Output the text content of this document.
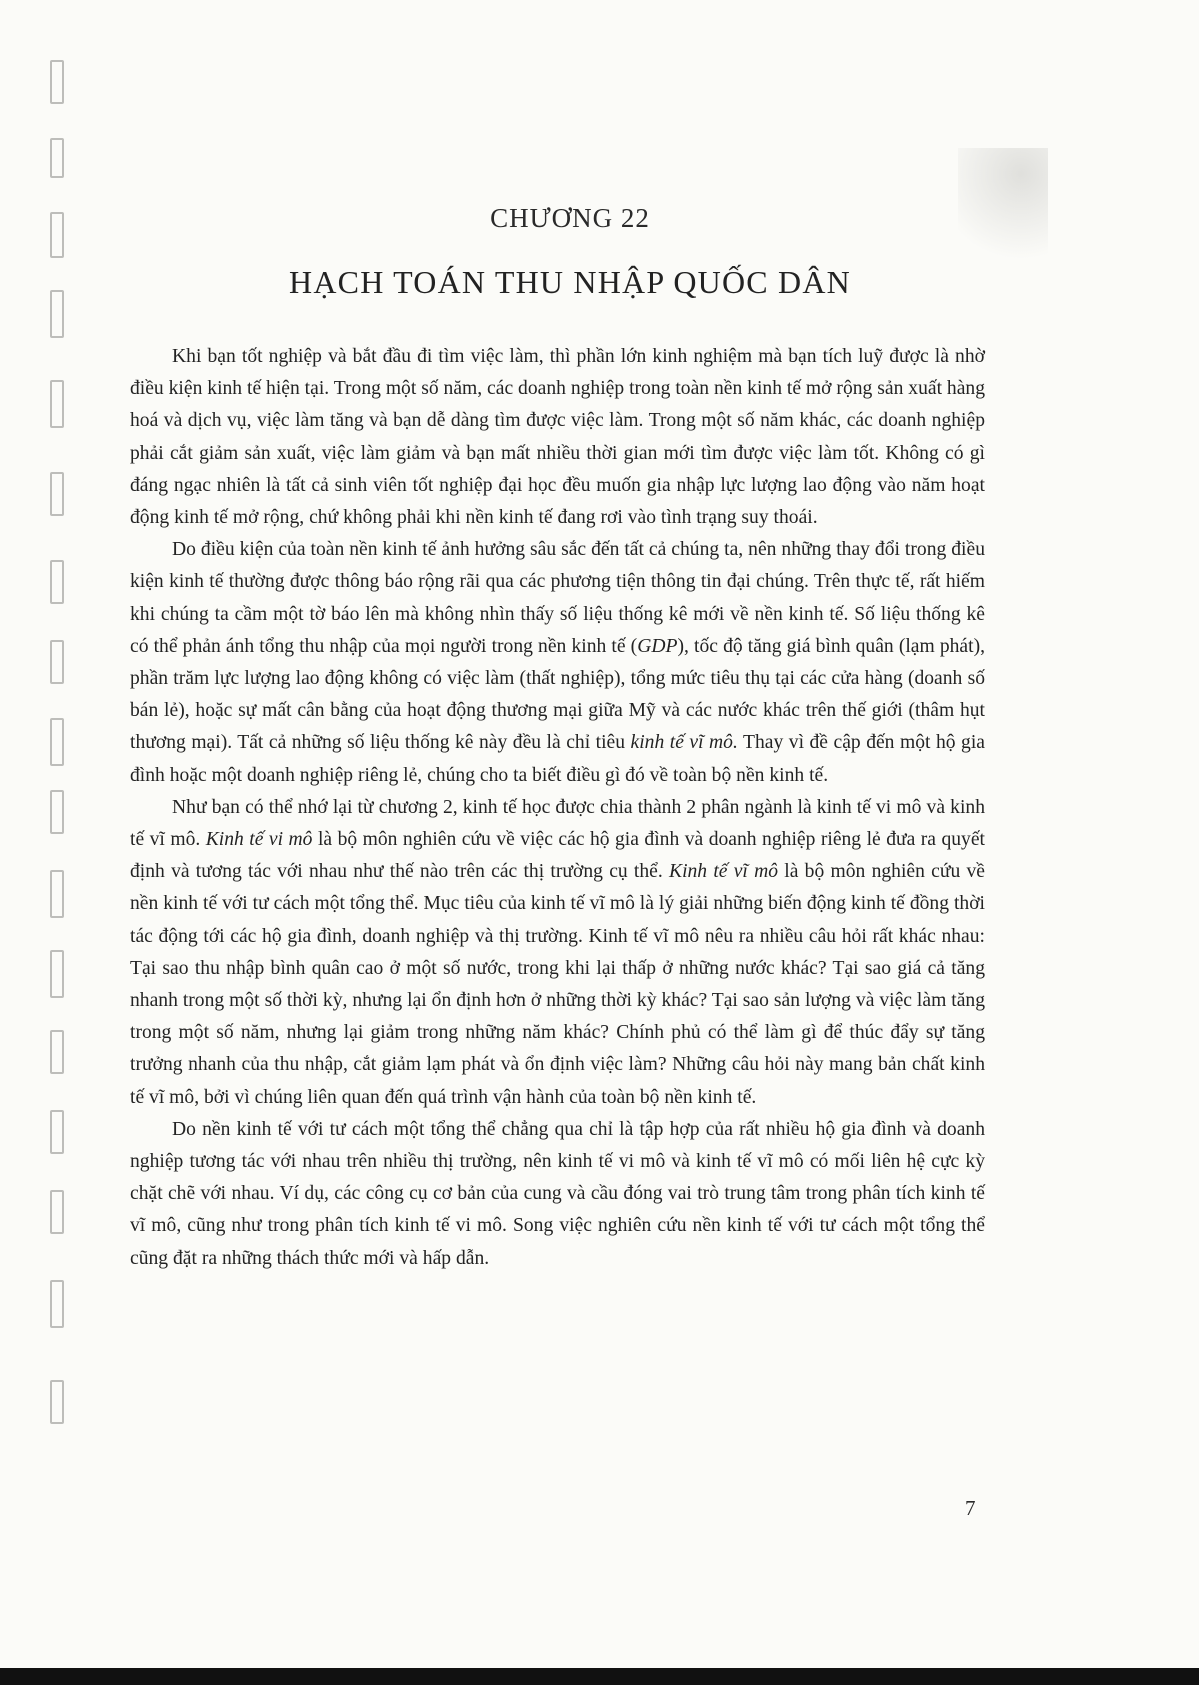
CHƯƠNG 22
HẠCH TOÁN THU NHẬP QUỐC DÂN

Khi bạn tốt nghiệp và bắt đầu đi tìm việc làm, thì phần lớn kinh nghiệm mà bạn tích luỹ được là nhờ điều kiện kinh tế hiện tại. Trong một số năm, các doanh nghiệp trong toàn nền kinh tế mở rộng sản xuất hàng hoá và dịch vụ, việc làm tăng và bạn dễ dàng tìm được việc làm. Trong một số năm khác, các doanh nghiệp phải cắt giảm sản xuất, việc làm giảm và bạn mất nhiều thời gian mới tìm được việc làm tốt. Không có gì đáng ngạc nhiên là tất cả sinh viên tốt nghiệp đại học đều muốn gia nhập lực lượng lao động vào năm hoạt động kinh tế mở rộng, chứ không phải khi nền kinh tế đang rơi vào tình trạng suy thoái.

Do điều kiện của toàn nền kinh tế ảnh hưởng sâu sắc đến tất cả chúng ta, nên những thay đổi trong điều kiện kinh tế thường được thông báo rộng rãi qua các phương tiện thông tin đại chúng. Trên thực tế, rất hiếm khi chúng ta cầm một tờ báo lên mà không nhìn thấy số liệu thống kê mới về nền kinh tế. Số liệu thống kê có thể phản ánh tổng thu nhập của mọi người trong nền kinh tế (GDP), tốc độ tăng giá bình quân (lạm phát), phần trăm lực lượng lao động không có việc làm (thất nghiệp), tổng mức tiêu thụ tại các cửa hàng (doanh số bán lẻ), hoặc sự mất cân bằng của hoạt động thương mại giữa Mỹ và các nước khác trên thế giới (thâm hụt thương mại). Tất cả những số liệu thống kê này đều là chỉ tiêu kinh tế vĩ mô. Thay vì đề cập đến một hộ gia đình hoặc một doanh nghiệp riêng lẻ, chúng cho ta biết điều gì đó về toàn bộ nền kinh tế.

Như bạn có thể nhớ lại từ chương 2, kinh tế học được chia thành 2 phân ngành là kinh tế vi mô và kinh tế vĩ mô. Kinh tế vi mô là bộ môn nghiên cứu về việc các hộ gia đình và doanh nghiệp riêng lẻ đưa ra quyết định và tương tác với nhau như thế nào trên các thị trường cụ thể. Kinh tế vĩ mô là bộ môn nghiên cứu về nền kinh tế với tư cách một tổng thể. Mục tiêu của kinh tế vĩ mô là lý giải những biến động kinh tế đồng thời tác động tới các hộ gia đình, doanh nghiệp và thị trường. Kinh tế vĩ mô nêu ra nhiều câu hỏi rất khác nhau: Tại sao thu nhập bình quân cao ở một số nước, trong khi lại thấp ở những nước khác? Tại sao giá cả tăng nhanh trong một số thời kỳ, nhưng lại ổn định hơn ở những thời kỳ khác? Tại sao sản lượng và việc làm tăng trong một số năm, nhưng lại giảm trong những năm khác? Chính phủ có thể làm gì để thúc đẩy sự tăng trưởng nhanh của thu nhập, cắt giảm lạm phát và ổn định việc làm? Những câu hỏi này mang bản chất kinh tế vĩ mô, bởi vì chúng liên quan đến quá trình vận hành của toàn bộ nền kinh tế.

Do nền kinh tế với tư cách một tổng thể chẳng qua chỉ là tập hợp của rất nhiều hộ gia đình và doanh nghiệp tương tác với nhau trên nhiều thị trường, nên kinh tế vi mô và kinh tế vĩ mô có mối liên hệ cực kỳ chặt chẽ với nhau. Ví dụ, các công cụ cơ bản của cung và cầu đóng vai trò trung tâm trong phân tích kinh tế vĩ mô, cũng như trong phân tích kinh tế vi mô. Song việc nghiên cứu nền kinh tế với tư cách một tổng thể cũng đặt ra những thách thức mới và hấp dẫn.

7
